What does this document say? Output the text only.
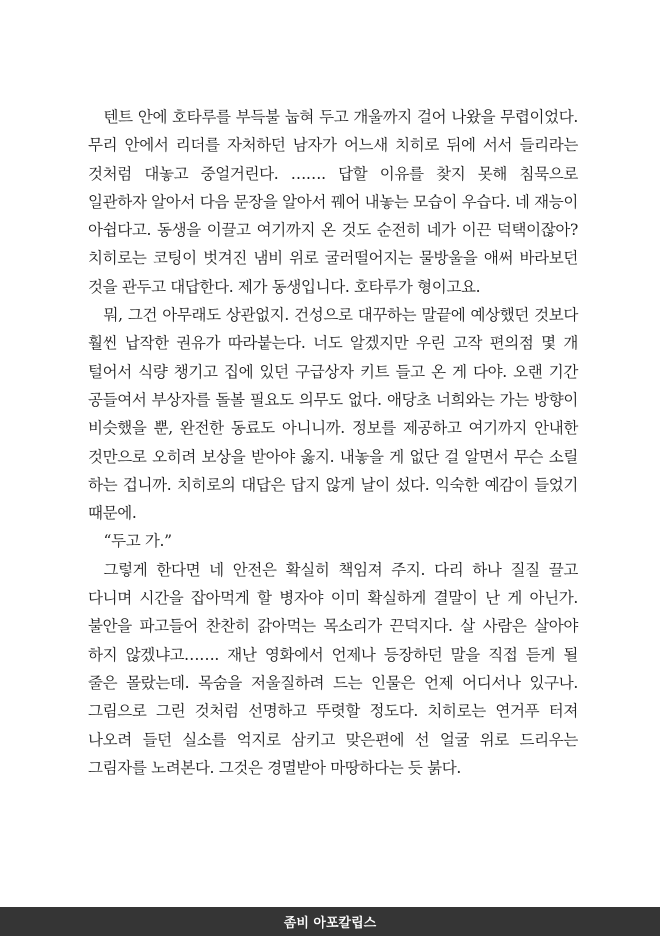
텐트 안에 호타루를 부득불 눕혀 두고 개울까지 걸어 나왔을 무렵이었다. 무리 안에서 리더를 자처하던 남자가 어느새 치히로 뒤에 서서 들리라는 것처럼 대놓고 중얼거린다. ……. 답할 이유를 찾지 못해 침묵으로 일관하자 알아서 다음 문장을 알아서 꿰어 내놓는 모습이 우습다. 네 재능이 아쉽다고. 동생을 이끌고 여기까지 온 것도 순전히 네가 이끈 덕택이잖아? 치히로는 코팅이 벗겨진 냄비 위로 굴러떨어지는 물방울을 애써 바라보던 것을 관두고 대답한다. 제가 동생입니다. 호타루가 형이고요.

뭐, 그건 아무래도 상관없지. 건성으로 대꾸하는 말끝에 예상했던 것보다 훨씬 납작한 권유가 따라붙는다. 너도 알겠지만 우린 고작 편의점 몇 개 털어서 식량 챙기고 집에 있던 구급상자 키트 들고 온 게 다야. 오랜 기간 공들여서 부상자를 돌볼 필요도 의무도 없다. 애당초 너희와는 가는 방향이 비슷했을 뿐, 완전한 동료도 아니니까. 정보를 제공하고 여기까지 안내한 것만으로 오히려 보상을 받아야 옳지. 내놓을 게 없단 걸 알면서 무슨 소릴 하는 겁니까. 치히로의 대답은 답지 않게 날이 섰다. 익숙한 예감이 들었기 때문에.

“두고 가.”

그렇게 한다면 네 안전은 확실히 책임져 주지. 다리 하나 질질 끌고 다니며 시간을 잡아먹게 할 병자야 이미 확실하게 결말이 난 게 아닌가. 불안을 파고들어 찬찬히 갉아먹는 목소리가 끈덕지다. 살 사람은 살아야 하지 않겠냐고……. 재난 영화에서 언제나 등장하던 말을 직접 듣게 될 줄은 몰랐는데. 목숨을 저울질하려 드는 인물은 언제 어디서나 있구나. 그림으로 그린 것처럼 선명하고 뚜렷할 정도다. 치히로는 연거푸 터져 나오려 들던 실소를 억지로 삼키고 맞은편에 선 얼굴 위로 드리우는 그림자를 노려본다. 그것은 경멸받아 마땅하다는 듯 붉다.

좀비 아포칼립스
